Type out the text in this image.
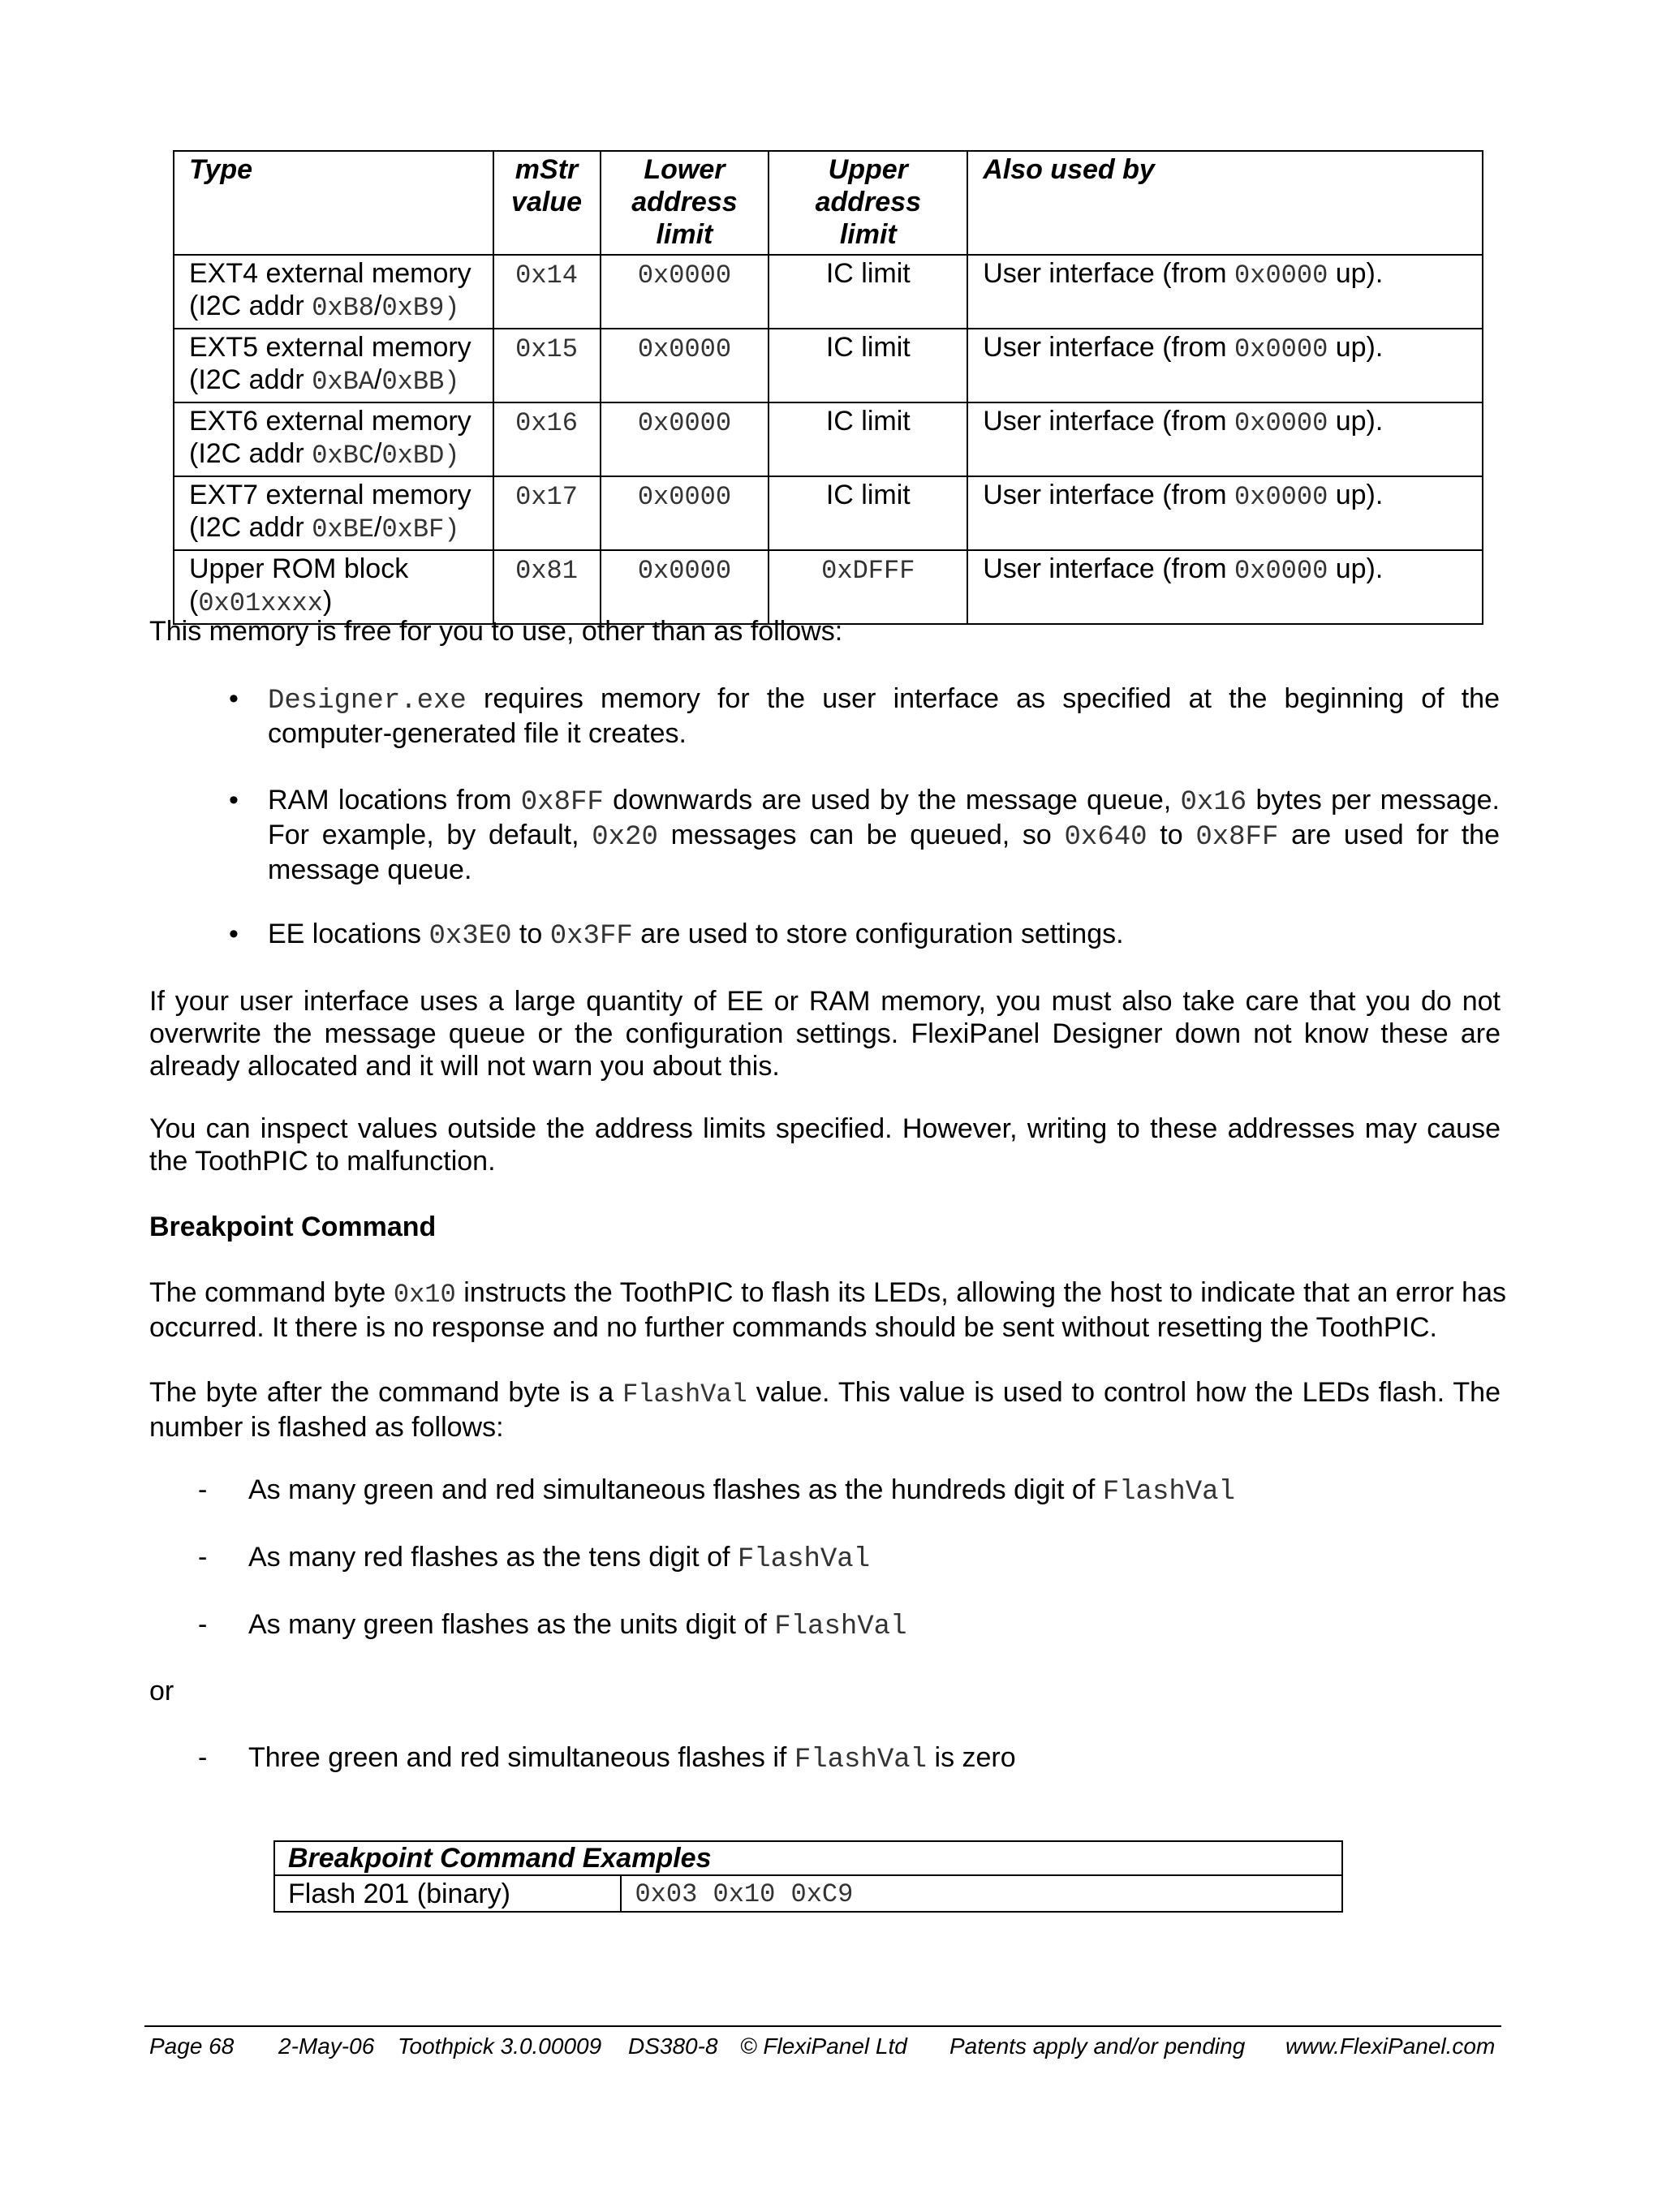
Type	mStr value	Lower address limit	Upper address limit	Also used by
EXT4 external memory
(I2C addr 0xB8/0xB9)	0x14	0x0000	IC limit	User interface (from 0x0000 up).
EXT5 external memory
(I2C addr 0xBA/0xBB)	0x15	0x0000	IC limit	User interface (from 0x0000 up).
EXT6 external memory
(I2C addr 0xBC/0xBD)	0x16	0x0000	IC limit	User interface (from 0x0000 up).
EXT7 external memory
(I2C addr 0xBE/0xBF)	0x17	0x0000	IC limit	User interface (from 0x0000 up).
Upper ROM block
(0x01xxxx)	0x81	0x0000	0xDFFF	User interface (from 0x0000 up).

This memory is free for you to use, other than as follows:

• Designer.exe requires memory for the user interface as specified at the beginning of the computer-generated file it creates.

• RAM locations from 0x8FF downwards are used by the message queue, 0x16 bytes per message. For example, by default, 0x20 messages can be queued, so 0x640 to 0x8FF are used for the message queue.

• EE locations 0x3E0 to 0x3FF are used to store configuration settings.

If your user interface uses a large quantity of EE or RAM memory, you must also take care that you do not overwrite the message queue or the configuration settings. FlexiPanel Designer down not know these are already allocated and it will not warn you about this.

You can inspect values outside the address limits specified. However, writing to these addresses may cause the ToothPIC to malfunction.

Breakpoint Command

The command byte 0x10 instructs the ToothPIC to flash its LEDs, allowing the host to indicate that an error has occurred. It there is no response and no further commands should be sent without resetting the ToothPIC.

The byte after the command byte is a FlashVal value. This value is used to control how the LEDs flash. The number is flashed as follows:

- As many green and red simultaneous flashes as the hundreds digit of FlashVal
- As many red flashes as the tens digit of FlashVal
- As many green flashes as the units digit of FlashVal

or

- Three green and red simultaneous flashes if FlashVal is zero
Breakpoint Command Examples
Flash 201 (binary)	0x03 0x10 0xC9
Page 68 2-May-06 Toothpick 3.0.00009 DS380-8 © FlexiPanel Ltd Patents apply and/or pending www.FlexiPanel.com
